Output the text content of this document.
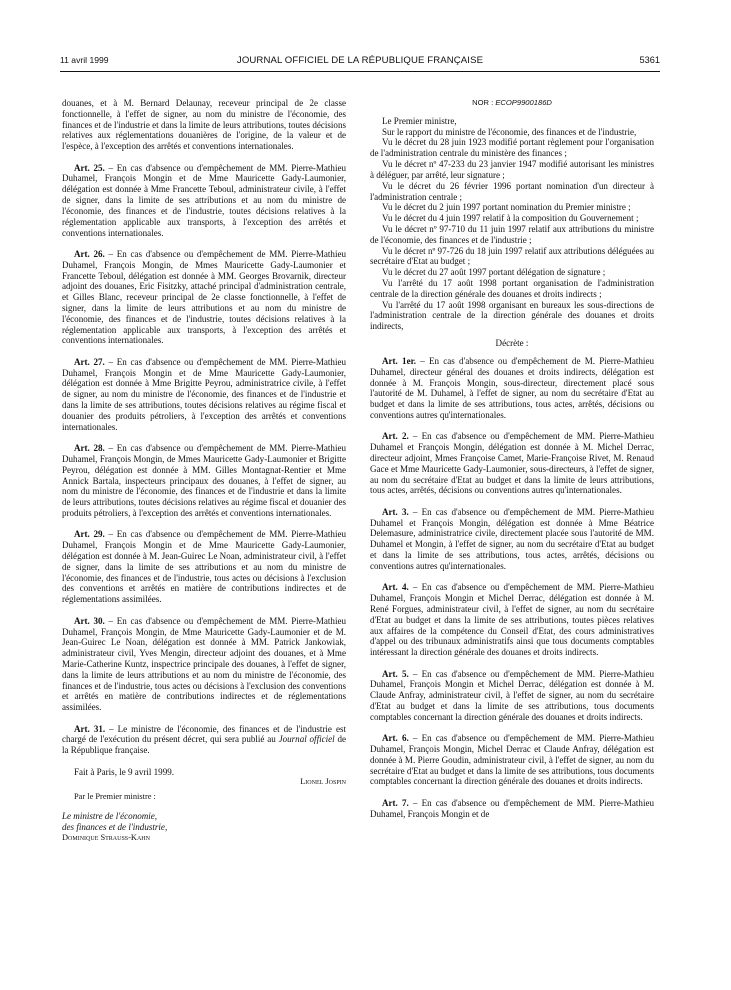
11 avril 1999	JOURNAL OFFICIEL DE LA RÉPUBLIQUE FRANÇAISE	5361

douanes, et à M. Bernard Delaunay, receveur principal de 2e classe fonctionnelle, à l'effet de signer, au nom du ministre de l'économie, des finances et de l'industrie et dans la limite de leurs attributions, toutes décisions relatives aux réglementations douanières de l'origine, de la valeur et de l'espèce, à l'exception des arrêtés et conventions internationales.

Art. 25. – En cas d'absence ou d'empêchement de MM. Pierre-Mathieu Duhamel, François Mongin et de Mme Mauricette Gady-Laumonier, délégation est donnée à Mme Francette Teboul, administrateur civile, à l'effet de signer, dans la limite de ses attributions et au nom du ministre de l'économie, des finances et de l'industrie, toutes décisions relatives à la réglementation applicable aux transports, à l'exception des arrêtés et conventions internationales.

Art. 26. – En cas d'absence ou d'empêchement de MM. Pierre-Mathieu Duhamel, François Mongin, de Mmes Mauricette Gady-Laumonier et Francette Teboul, délégation est donnée à MM. Georges Brovarnik, directeur adjoint des douanes, Eric Fisitzky, attaché principal d'administration centrale, et Gilles Blanc, receveur principal de 2e classe fonctionnelle, à l'effet de signer, dans la limite de leurs attributions et au nom du ministre de l'économie, des finances et de l'industrie, toutes décisions relatives à la réglementation applicable aux transports, à l'exception des arrêtés et conventions internationales.

Art. 27. – En cas d'absence ou d'empêchement de MM. Pierre-Mathieu Duhamel, François Mongin et de Mme Mauricette Gady-Laumonier, délégation est donnée à Mme Brigitte Peyrou, administratrice civile, à l'effet de signer, au nom du ministre de l'économie, des finances et de l'industrie et dans la limite de ses attributions, toutes décisions relatives au régime fiscal et douanier des produits pétroliers, à l'exception des arrêtés et conventions internationales.

Art. 28. – En cas d'absence ou d'empêchement de MM. Pierre-Mathieu Duhamel, François Mongin, de Mmes Mauricette Gady-Laumonier et Brigitte Peyrou, délégation est donnée à MM. Gilles Montagnat-Rentier et Mme Annick Bartala, inspecteurs principaux des douanes, à l'effet de signer, au nom du ministre de l'économie, des finances et de l'industrie et dans la limite de leurs attributions, toutes décisions relatives au régime fiscal et douanier des produits pétroliers, à l'exception des arrêtés et conventions internationales.

Art. 29. – En cas d'absence ou d'empêchement de MM. Pierre-Mathieu Duhamel, François Mongin et de Mme Mauricette Gady-Laumonier, délégation est donnée à M. Jean-Guirec Le Noan, administrateur civil, à l'effet de signer, dans la limite de ses attributions et au nom du ministre de l'économie, des finances et de l'industrie, tous actes ou décisions à l'exclusion des conventions et arrêtés en matière de contributions indirectes et de réglementations assimilées.

Art. 30. – En cas d'absence ou d'empêchement de MM. Pierre-Mathieu Duhamel, François Mongin, de Mme Mauricette Gady-Laumonier et de M. Jean-Guirec Le Noan, délégation est donnée à MM. Patrick Jankowiak, administrateur civil, Yves Mengin, directeur adjoint des douanes, et à Mme Marie-Catherine Kuntz, inspectrice principale des douanes, à l'effet de signer, dans la limite de leurs attributions et au nom du ministre de l'économie, des finances et de l'industrie, tous actes ou décisions à l'exclusion des conventions et arrêtés en matière de contributions indirectes et de réglementations assimilées.

Art. 31. – Le ministre de l'économie, des finances et de l'industrie est chargé de l'exécution du présent décret, qui sera publié au Journal officiel de la République française.

Fait à Paris, le 9 avril 1999.

Lionel Jospin

Par le Premier ministre :

Le ministre de l'économie,

des finances et de l'industrie,

Dominique Strauss-Kahn

NOR : ECOP9900186D

Le Premier ministre,

Sur le rapport du ministre de l'économie, des finances et de l'industrie,

Vu le décret du 28 juin 1923 modifié portant règlement pour l'organisation de l'administration centrale du ministère des finances ;

Vu le décret nº 47-233 du 23 janvier 1947 modifié autorisant les ministres à déléguer, par arrêté, leur signature ;

Vu le décret du 26 février 1996 portant nomination d'un directeur à l'administration centrale ;

Vu le décret du 2 juin 1997 portant nomination du Premier ministre ;

Vu le décret du 4 juin 1997 relatif à la composition du Gouvernement ;

Vu le décret nº 97-710 du 11 juin 1997 relatif aux attributions du ministre de l'économie, des finances et de l'industrie ;

Vu le décret nº 97-726 du 18 juin 1997 relatif aux attributions déléguées au secrétaire d'Etat au budget ;

Vu le décret du 27 août 1997 portant délégation de signature ;

Vu l'arrêté du 17 août 1998 portant organisation de l'administration centrale de la direction générale des douanes et droits indirects ;

Vu l'arrêté du 17 août 1998 organisant en bureaux les sous-directions de l'administration centrale de la direction générale des douanes et droits indirects,

Décrète :

Art. 1er. – En cas d'absence ou d'empêchement de M. Pierre-Mathieu Duhamel, directeur général des douanes et droits indirects, délégation est donnée à M. François Mongin, sous-directeur, directement placé sous l'autorité de M. Duhamel, à l'effet de signer, au nom du secrétaire d'Etat au budget et dans la limite de ses attributions, tous actes, arrêtés, décisions ou conventions autres qu'internationales.

Art. 2. – En cas d'absence ou d'empêchement de MM. Pierre-Mathieu Duhamel et François Mongin, délégation est donnée à M. Michel Derrac, directeur adjoint, Mmes Françoise Camet, Marie-Françoise Rivet, M. Renaud Gace et Mme Mauricette Gady-Laumonier, sous-directeurs, à l'effet de signer, au nom du secrétaire d'Etat au budget et dans la limite de leurs attributions, tous actes, arrêtés, décisions ou conventions autres qu'internationales.

Art. 3. – En cas d'absence ou d'empêchement de MM. Pierre-Mathieu Duhamel et François Mongin, délégation est donnée à Mme Béatrice Delemasure, administratrice civile, directement placée sous l'autorité de MM. Duhamel et Mongin, à l'effet de signer, au nom du secrétaire d'Etat au budget et dans la limite de ses attributions, tous actes, arrêtés, décisions ou conventions autres qu'internationales.

Art. 4. – En cas d'absence ou d'empêchement de MM. Pierre-Mathieu Duhamel, François Mongin et Michel Derrac, délégation est donnée à M. René Forgues, administrateur civil, à l'effet de signer, au nom du secrétaire d'Etat au budget et dans la limite de ses attributions, toutes pièces relatives aux affaires de la compétence du Conseil d'Etat, des cours administratives d'appel ou des tribunaux administratifs ainsi que tous documents comptables intéressant la direction générale des douanes et droits indirects.

Art. 5. – En cas d'absence ou d'empêchement de MM. Pierre-Mathieu Duhamel, François Mongin et Michel Derrac, délégation est donnée à M. Claude Anfray, administrateur civil, à l'effet de signer, au nom du secrétaire d'Etat au budget et dans la limite de ses attributions, tous documents comptables concernant la direction générale des douanes et droits indirects.

Art. 6. – En cas d'absence ou d'empêchement de MM. Pierre-Mathieu Duhamel, François Mongin, Michel Derrac et Claude Anfray, délégation est donnée à M. Pierre Goudin, administrateur civil, à l'effet de signer, au nom du secrétaire d'Etat au budget et dans la limite de ses attributions, tous documents comptables concernant la direction générale des douanes et droits indirects.

Art. 7. – En cas d'absence ou d'empêchement de MM. Pierre-Mathieu Duhamel, François Mongin et de
